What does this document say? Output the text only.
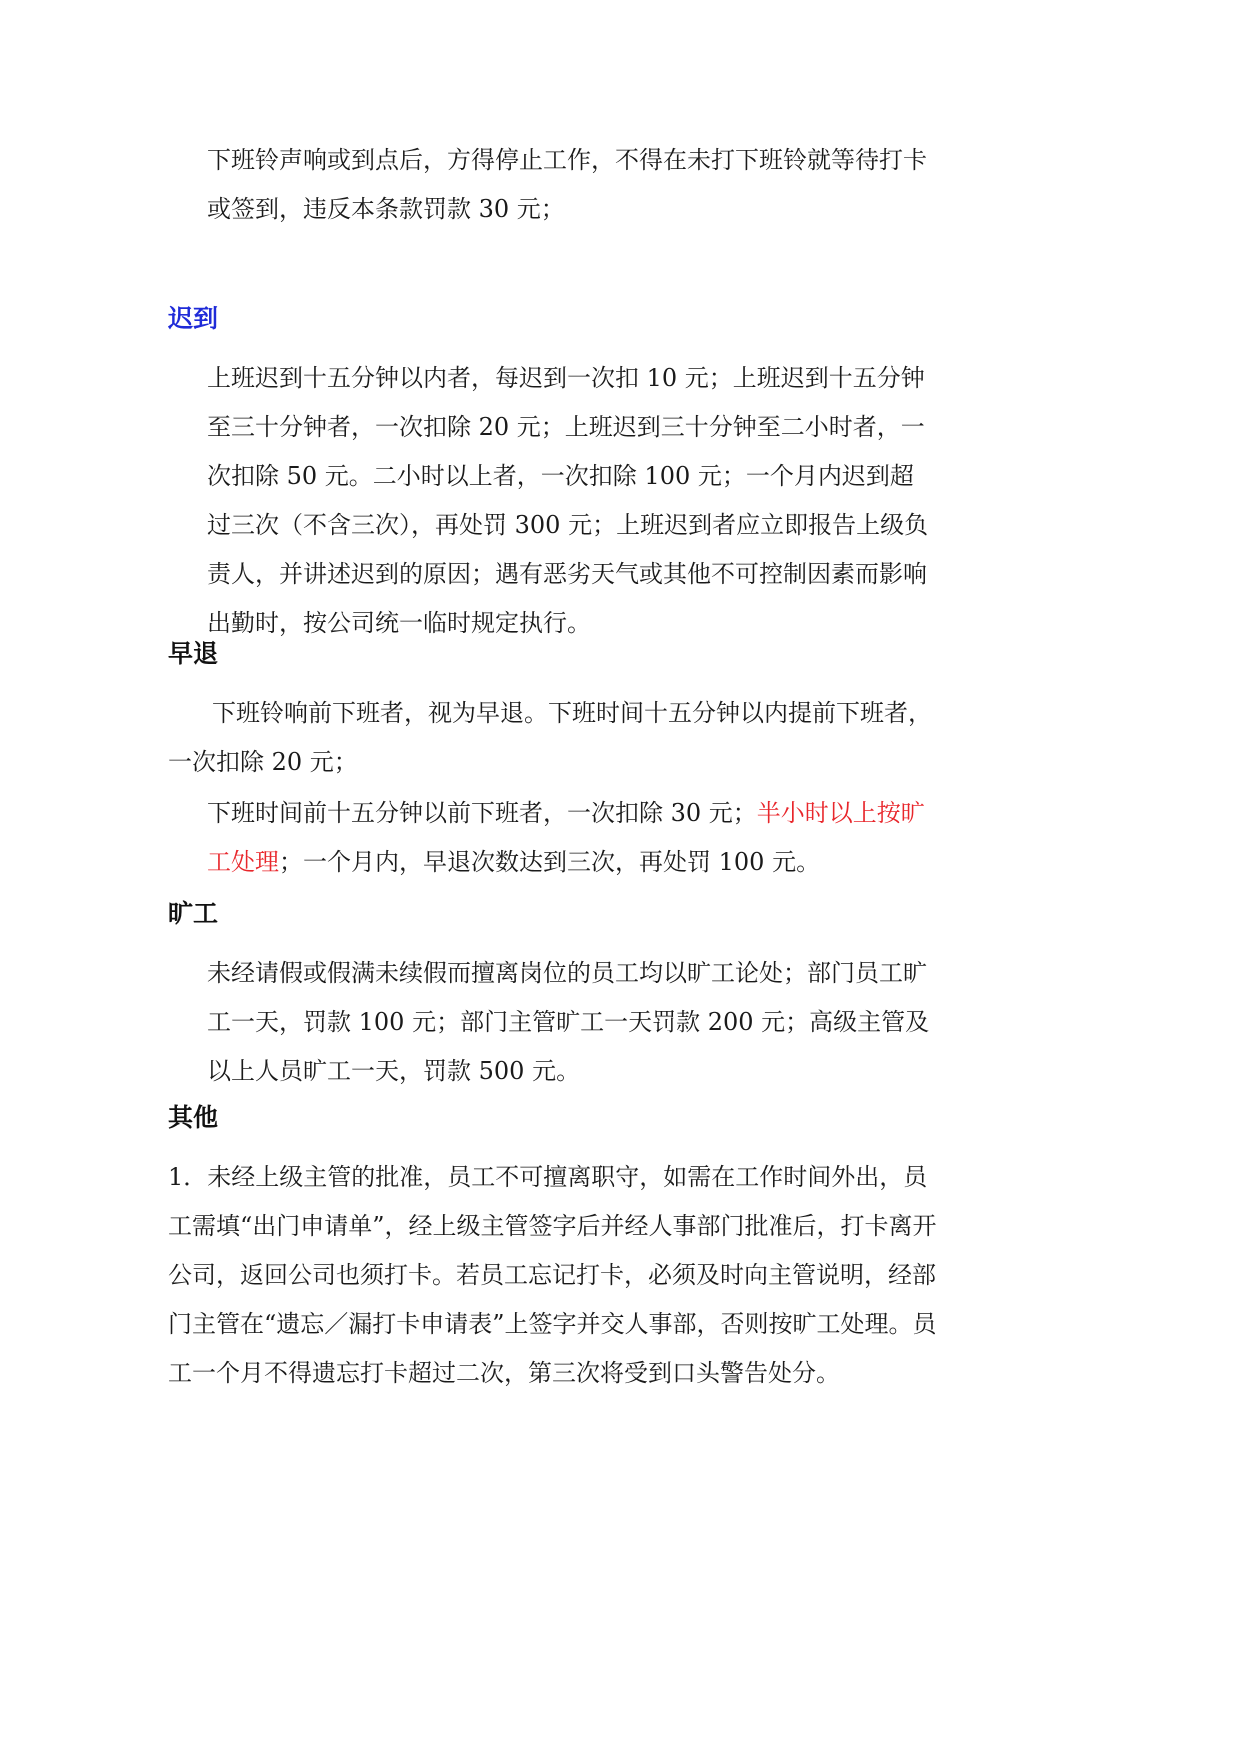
下班铃声响或到点后，方得停止工作，不得在未打下班铃就等待打卡或签到，违反本条款罚款 30 元；

迟到

上班迟到十五分钟以内者，每迟到一次扣 10 元；上班迟到十五分钟至三十分钟者，一次扣除 20 元；上班迟到三十分钟至二小时者，一次扣除 50 元。二小时以上者，一次扣除 100 元；一个月内迟到超过三次（不含三次），再处罚 300 元；上班迟到者应立即报告上级负责人，并讲述迟到的原因；遇有恶劣天气或其他不可控制因素而影响出勤时，按公司统一临时规定执行。

早退

下班铃响前下班者，视为早退。下班时间十五分钟以内提前下班者，一次扣除 20 元；

下班时间前十五分钟以前下班者，一次扣除 30 元；半小时以上按旷工处理；一个月内，早退次数达到三次，再处罚 100 元。

旷工

未经请假或假满未续假而擅离岗位的员工均以旷工论处；部门员工旷工一天，罚款 100 元；部门主管旷工一天罚款 200 元；高级主管及以上人员旷工一天，罚款 500 元。

其他

1．未经上级主管的批准，员工不可擅离职守，如需在工作时间外出，员工需填“出门申请单”，经上级主管签字后并经人事部门批准后，打卡离开公司，返回公司也须打卡。若员工忘记打卡，必须及时向主管说明，经部门主管在“遗忘／漏打卡申请表”上签字并交人事部，否则按旷工处理。员工一个月不得遗忘打卡超过二次，第三次将受到口头警告处分。
